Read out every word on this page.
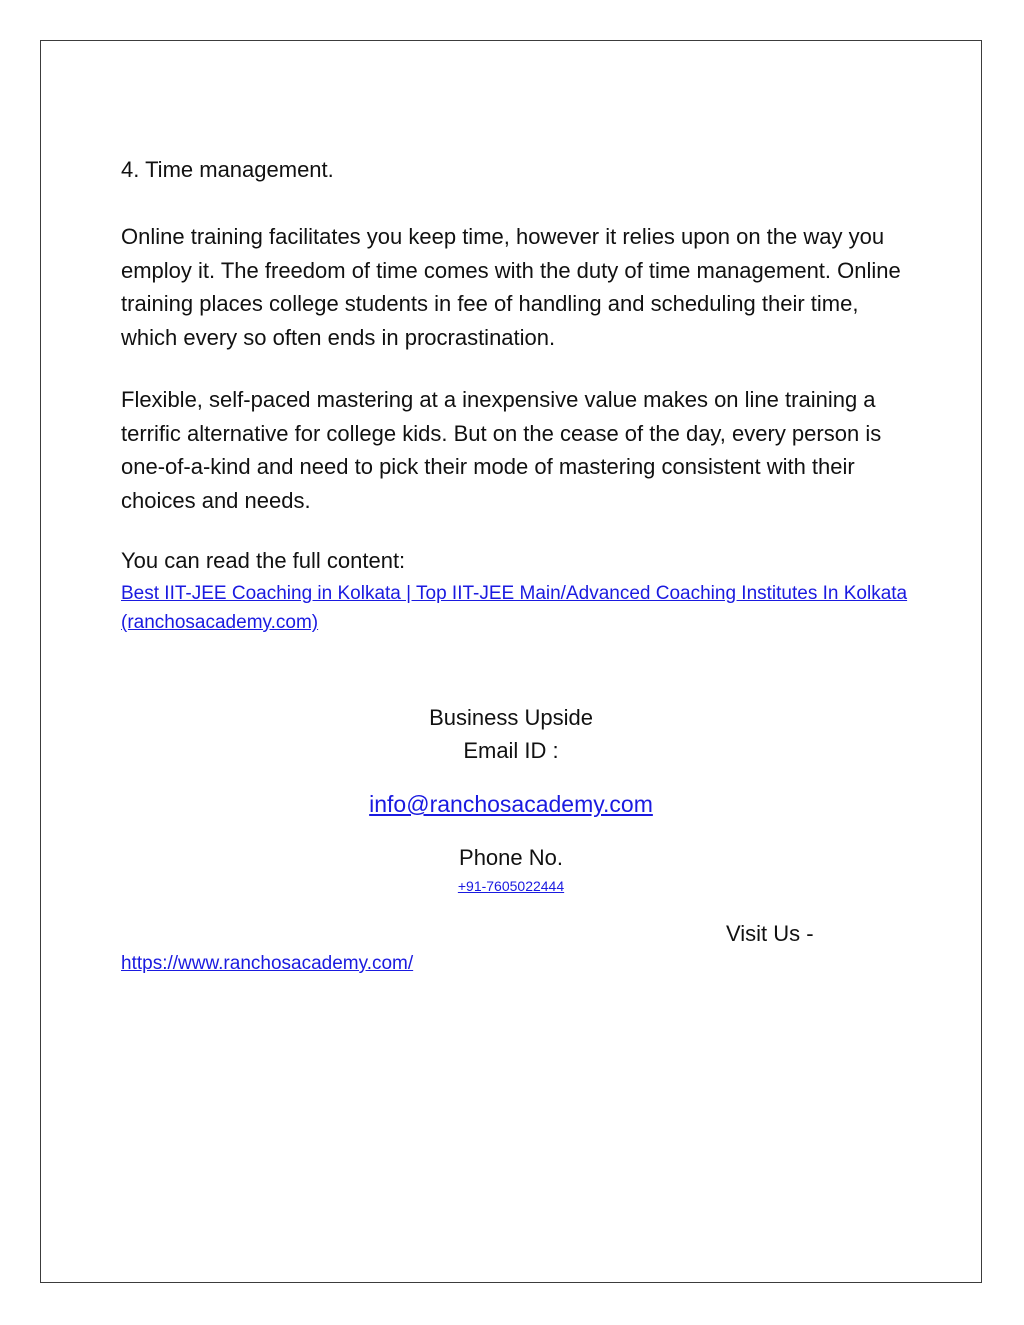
4. Time management.
Online training facilitates you keep time, however it relies upon on the way you employ it. The freedom of time comes with the duty of time management. Online training places college students in fee of handling and scheduling their time, which every so often ends in procrastination.
Flexible, self-paced mastering at a inexpensive value makes on line training a terrific alternative for college kids. But on the cease of the day, every person is one-of-a-kind and need to pick their mode of mastering consistent with their choices and needs.
You can read the full content:
Best IIT-JEE Coaching in Kolkata | Top IIT-JEE Main/Advanced Coaching Institutes In Kolkata (ranchosacademy.com)
Business Upside
Email ID :
info@ranchosacademy.com
Phone No.
+91-7605022444
Visit Us -
https://www.ranchosacademy.com/
